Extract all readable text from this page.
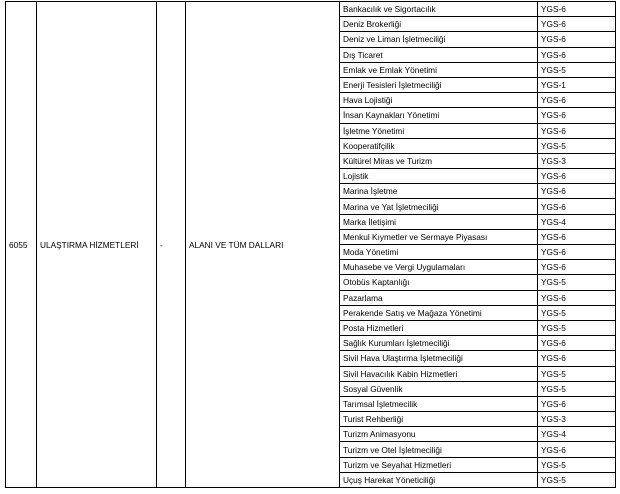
6055	ULAŞTIRMA HİZMETLERİ	-	ALANI VE TÜM DALLARI	Bankacılık ve Sigortacılık	YGS-6
				Deniz Brokerliği	YGS-6
				Deniz ve Liman İşletmeciliği	YGS-6
				Dış Ticaret	YGS-6
				Emlak ve Emlak Yönetimi	YGS-5
				Enerji Tesisleri İşletmeciliği	YGS-1
				Hava Lojistiği	YGS-6
				İnsan Kaynakları Yönetimi	YGS-6
				İşletme Yönetimi	YGS-6
				Kooperatifçilik	YGS-5
				Kültürel Miras ve Turizm	YGS-3
				Lojistik	YGS-6
				Marina İşletme	YGS-6
				Marina ve Yat İşletmeciliği	YGS-6
				Marka İletişimi	YGS-4
				Menkul Kıymetler ve Sermaye Piyasası	YGS-6
				Moda Yönetimi	YGS-6
				Muhasebe ve Vergi Uygulamaları	YGS-6
				Otobüs Kaptanlığı	YGS-5
				Pazarlama	YGS-6
				Perakende Satış ve Mağaza Yönetimi	YGS-5
				Posta Hizmetleri	YGS-5
				Sağlık Kurumları İşletmeciliği	YGS-6
				Sivil Hava Ulaştırma İşletmeciliği	YGS-6
				Sivil Havacılık Kabin Hizmetleri	YGS-5
				Sosyal Güvenlik	YGS-5
				Tarımsal İşletmecilik	YGS-6
				Turist Rehberliği	YGS-3
				Turizm Animasyonu	YGS-4
				Turizm ve Otel İşletmeciliği	YGS-6
				Turizm ve Seyahat Hizmetleri	YGS-5
				Uçuş Harekat Yöneticiliği	YGS-5
